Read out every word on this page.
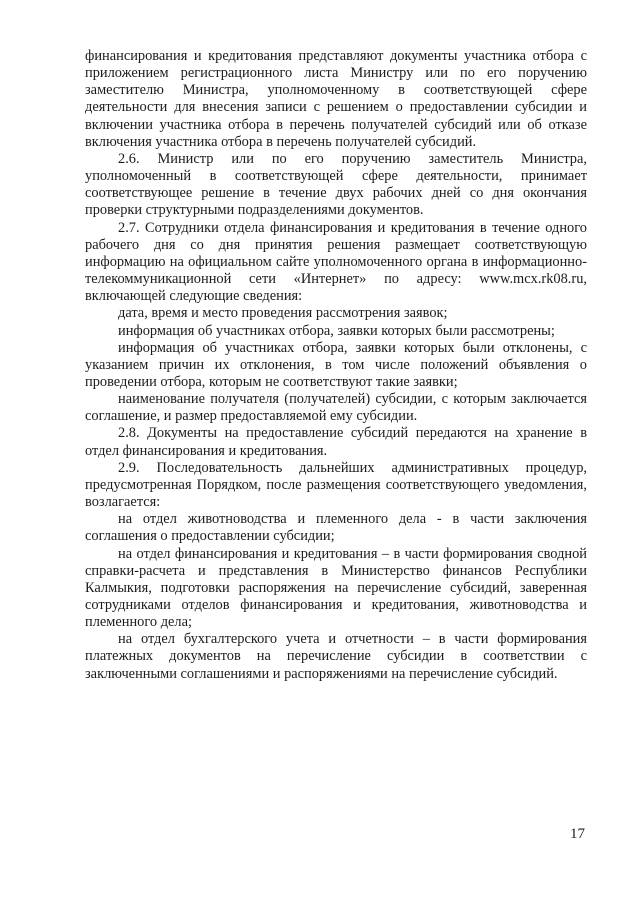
финансирования и кредитования представляют документы участника отбора с приложением регистрационного листа Министру или по его поручению заместителю Министра, уполномоченному в соответствующей сфере деятельности для внесения записи с решением о предоставлении субсидии и включении участника отбора в перечень получателей субсидий или об отказе включения участника отбора в перечень получателей субсидий.

2.6. Министр или по его поручению заместитель Министра, уполномоченный в соответствующей сфере деятельности, принимает соответствующее решение в течение двух рабочих дней со дня окончания проверки структурными подразделениями документов.

2.7. Сотрудники отдела финансирования и кредитования в течение одного рабочего дня со дня принятия решения размещает соответствующую информацию на официальном сайте уполномоченного органа в информационно-телекоммуникационной сети «Интернет» по адресу: www.mcx.rk08.ru, включающей следующие сведения:

дата, время и место проведения рассмотрения заявок;

информация об участниках отбора, заявки которых были рассмотрены;

информация об участниках отбора, заявки которых были отклонены, с указанием причин их отклонения, в том числе положений объявления о проведении отбора, которым не соответствуют такие заявки;

наименование получателя (получателей) субсидии, с которым заключается соглашение, и размер предоставляемой ему субсидии.

2.8. Документы на предоставление субсидий передаются на хранение в отдел финансирования и кредитования.

2.9. Последовательность дальнейших административных процедур, предусмотренная Порядком, после размещения соответствующего уведомления, возлагается:

на отдел животноводства и племенного дела - в части заключения соглашения о предоставлении субсидии;

на отдел финансирования и кредитования – в части формирования сводной справки-расчета и представления в Министерство финансов Республики Калмыкия, подготовки распоряжения на перечисление субсидий, заверенная сотрудниками отделов финансирования и кредитования, животноводства и племенного дела;

на отдел бухгалтерского учета и отчетности – в части формирования платежных документов на перечисление субсидии в соответствии с заключенными соглашениями и распоряжениями на перечисление субсидий.

17
